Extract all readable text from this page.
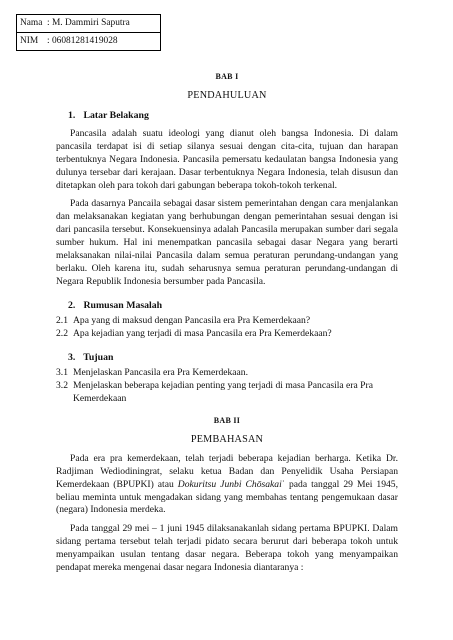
Nama : M. Dammiri Saputra
NIM : 06081281419028
BAB I
PENDAHULUAN
1. Latar Belakang

Pancasila adalah suatu ideologi yang dianut oleh bangsa Indonesia. Di dalam pancasila terdapat isi di setiap silanya sesuai dengan cita-cita, tujuan dan harapan terbentuknya Negara Indonesia. Pancasila pemersatu kedaulatan bangsa Indonesia yang dulunya tersebar dari kerajaan. Dasar terbentuknya Negara Indonesia, telah disusun dan ditetapkan oleh para tokoh dari gabungan beberapa tokoh-tokoh terkenal.

Pada dasarnya Pancaila sebagai dasar sistem pemerintahan dengan cara menjalankan dan melaksanakan kegiatan yang berhubungan dengan pemerintahan sesuai dengan isi dari pancasila tersebut. Konsekuensinya adalah Pancasila merupakan sumber dari segala sumber hukum. Hal ini menempatkan pancasila sebagai dasar Negara yang berarti melaksanakan nilai-nilai Pancasila dalam semua peraturan perundang-undangan yang berlaku. Oleh karena itu, sudah seharusnya semua peraturan perundang-undangan di Negara Republik Indonesia bersumber pada Pancasila.

2. Rumusan Masalah
2.1 Apa yang di maksud dengan Pancasila era Pra Kemerdekaan?
2.2 Apa kejadian yang terjadi di masa Pancasila era Pra Kemerdekaan?
3. Tujuan
3.1 Menjelaskan Pancasila era Pra Kemerdekaan.
3.2 Menjelaskan beberapa kejadian penting yang terjadi di masa Pancasila era Pra Kemerdekaan
BAB II
PEMBAHASAN

Pada era pra kemerdekaan, telah terjadi beberapa kejadian berharga. Ketika Dr. Radjiman Wediodiningrat, selaku ketua Badan dan Penyelidik Usaha Persiapan Kemerdekaan (BPUPKI) atau Dokuritsu Junbi Chōsakaiʾ pada tanggal 29 Mei 1945, beliau meminta untuk mengadakan sidang yang membahas tentang pengemukaan dasar (negara) Indonesia merdeka.

Pada tanggal 29 mei – 1 juni 1945 dilaksanakanlah sidang pertama BPUPKI. Dalam sidang pertama tersebut telah terjadi pidato secara berurut dari beberapa tokoh untuk menyampaikan usulan tentang dasar negara. Beberapa tokoh yang menyampaikan pendapat mereka mengenai dasar negara Indonesia diantaranya :
